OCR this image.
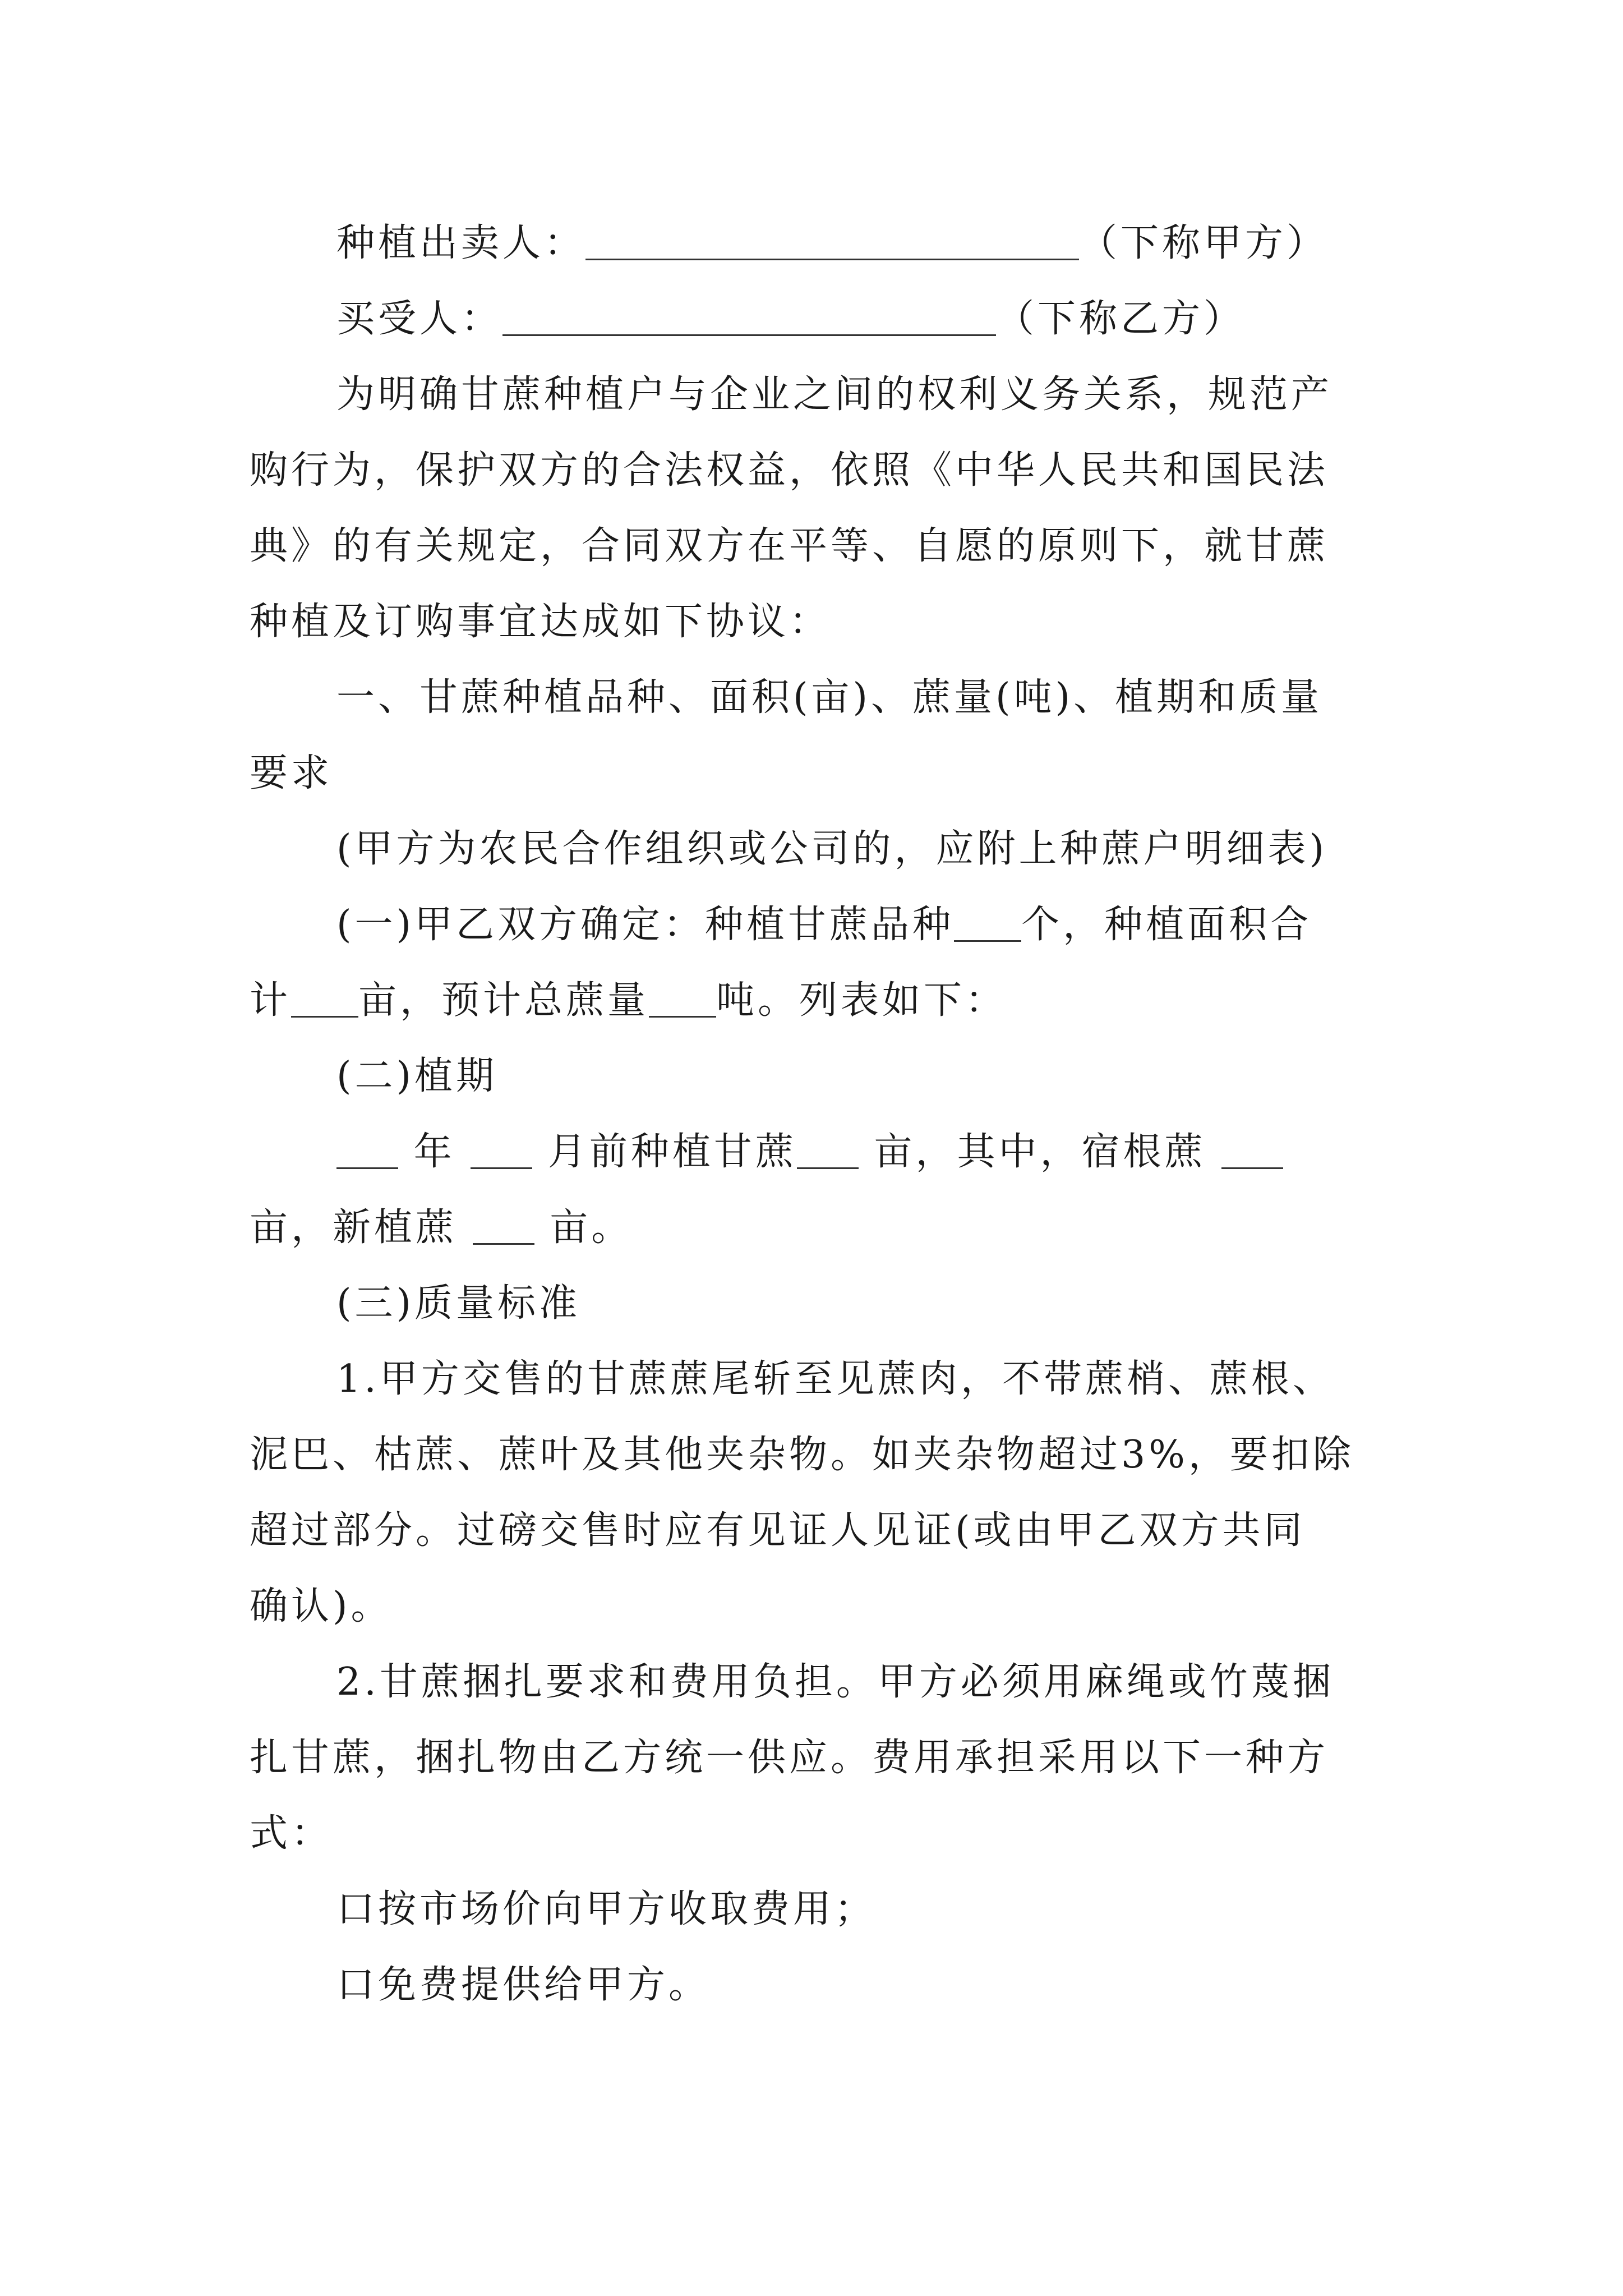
种植出卖人：	（下称甲方）
买受人：	（下称乙方）
为明确甘蔗种植户与企业之间的权利义务关系，规范产
购行为，保护双方的合法权益，依照《中华人民共和国民法
典》的有关规定，合同双方在平等、自愿的原则下，就甘蔗
种植及订购事宜达成如下协议：
一、甘蔗种植品种、面积(亩)、蔗量(吨)、植期和质量
要求
(甲方为农民合作组织或公司的，应附上种蔗户明细表)
(一)甲乙双方确定：种植甘蔗品种 个，种植面积合
计 亩，预计总蔗量 吨。列表如下：
(二)植期
年 月前种植甘蔗 亩，其中，宿根蔗
亩，新植蔗 亩。
(三)质量标准
1.甲方交售的甘蔗蔗尾斩至见蔗肉，不带蔗梢、蔗根、
泥巴、枯蔗、蔗叶及其他夹杂物。如夹杂物超过3%，要扣除
超过部分。过磅交售时应有见证人见证(或由甲乙双方共同
确认)。
2.甘蔗捆扎要求和费用负担。甲方必须用麻绳或竹蔑捆
扎甘蔗，捆扎物由乙方统一供应。费用承担采用以下一种方
式：
口按市场价向甲方收取费用；
口免费提供给甲方。
